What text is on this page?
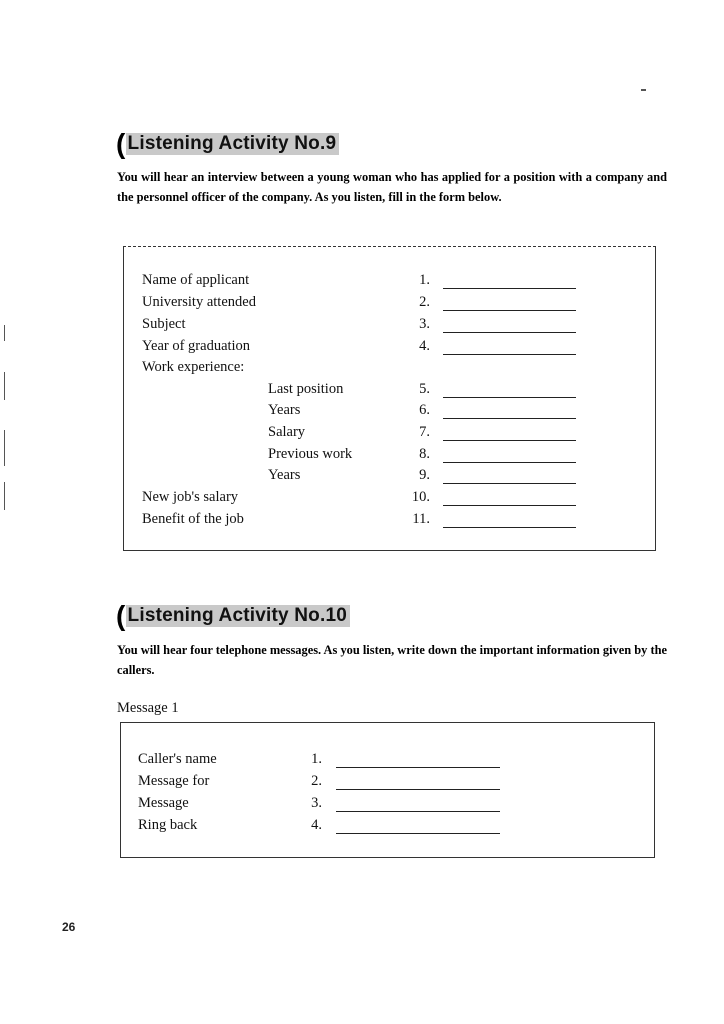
( Listening Activity No.9
You will hear an interview between a young woman who has applied for a position with a company and the personnel officer of the company. As you listen, fill in the form below.
Name of applicant
University attended
Subject
Year of graduation
Work experience:
Last position
Years
Salary
Previous work
Years
New job's salary
Benefit of the job
1.
2.
3.
4.
5.
6.
7.
8.
9.
10.
11.
( Listening Activity No.10
You will hear four telephone messages. As you listen, write down the important information given by the callers.
Message 1
Caller's name
Message for
Message
Ring back
1.
2.
3.
4.
26
